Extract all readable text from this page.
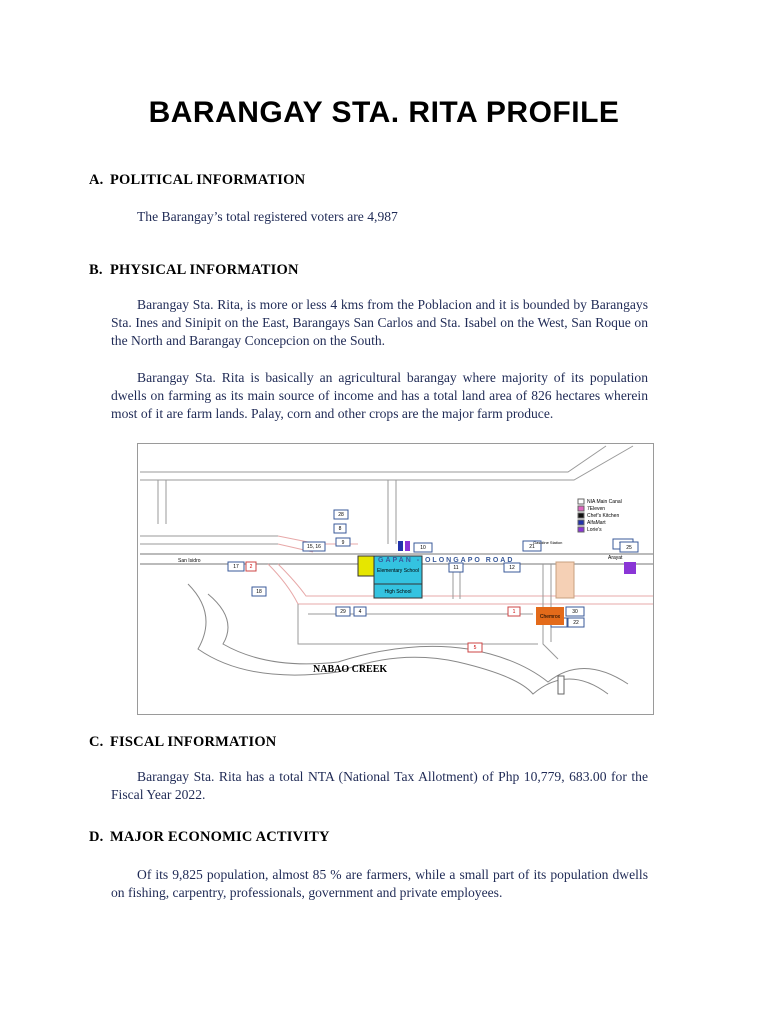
BARANGAY STA. RITA PROFILE
A. POLITICAL INFORMATION
The Barangay’s total registered voters are 4,987
B. PHYSICAL INFORMATION
Barangay Sta. Rita, is more or less 4 kms from the Poblacion and it is bounded by Barangays Sta. Ines and Sinipit on the East, Barangays San Carlos and Sta. Isabel on the West, San Roque on the North and Barangay Concepcion on the South.
Barangay Sta. Rita is basically an agricultural barangay where majority of its population dwells on farming as its main source of income and has a total land area of 826 hectares wherein most of it are farm lands. Palay, corn and other crops are the major farm produce.
28
8
9
15, 16	10	21	25
17 2	11	12
18
29	4	1	30
22
5
Elementary School
High School
Chemrox
GAPAN - OLONGAPO ROAD
San Isidro	Arayat
Gasoline Station
NABAO CREEK
NIA Main Canal
7Eleven
Chef’s Kitchen
AlfaMart
Lorie’s
C. FISCAL INFORMATION
Barangay Sta. Rita has a total NTA (National Tax Allotment) of Php 10,779, 683.00 for the Fiscal Year 2022.
D. MAJOR ECONOMIC ACTIVITY
Of its 9,825 population, almost 85 % are farmers, while a small part of its population dwells on fishing, carpentry, professionals, government and private employees.
